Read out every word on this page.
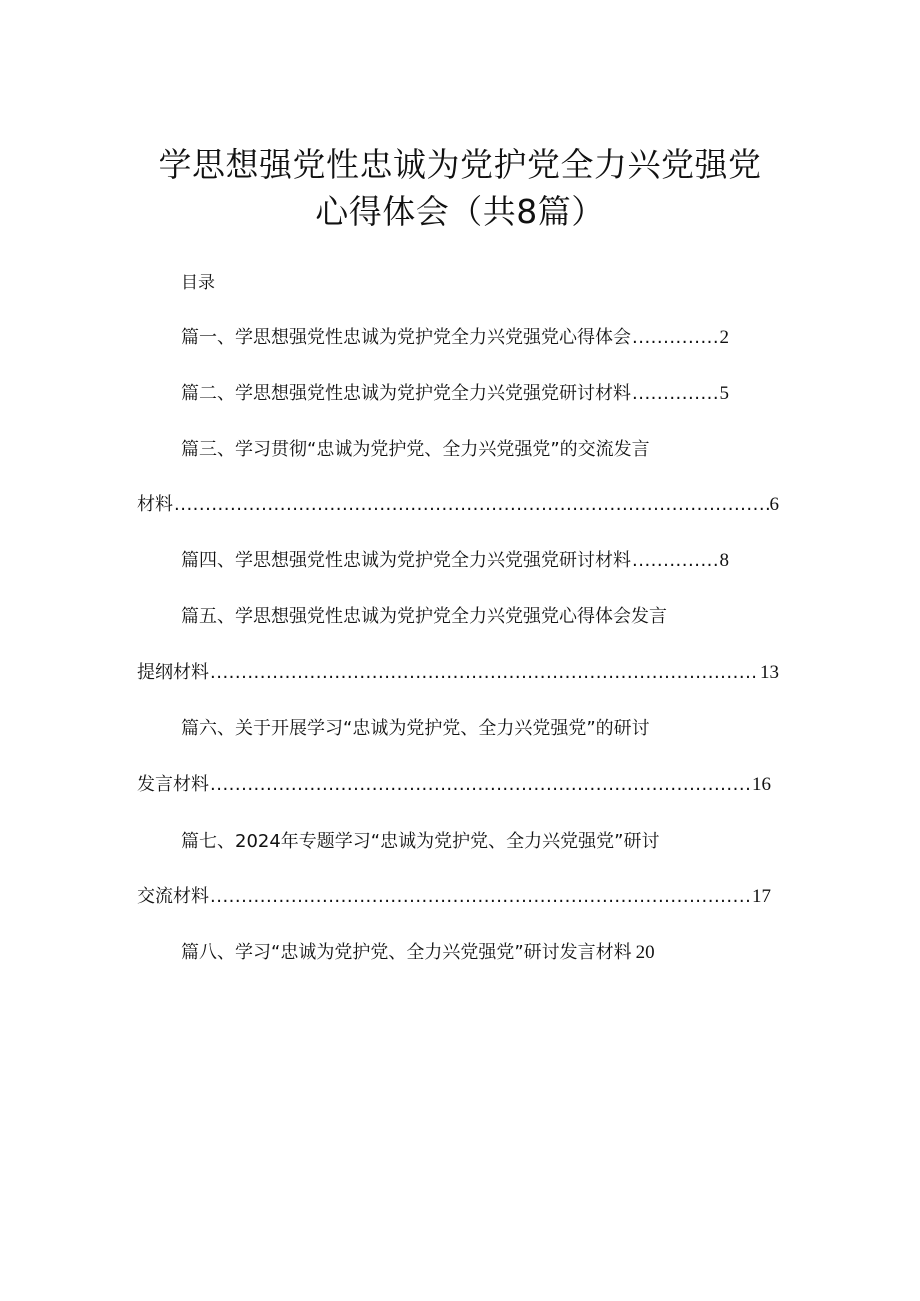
学思想强党性忠诚为党护党全力兴党强党
心得体会（共8篇）
目录
篇一、学思想强党性忠诚为党护党全力兴党强党心得体会 .....	2
篇二、学思想强党性忠诚为党护党全力兴党强党研讨材料 .....	5
篇三、学习贯彻“忠诚为党护党、全力兴党强党”的交流发言
材料 .....	6
篇四、学思想强党性忠诚为党护党全力兴党强党研讨材料 .....	8
篇五、学思想强党性忠诚为党护党全力兴党强党心得体会发言
提纲材料 .....	13
篇六、关于开展学习“忠诚为党护党、全力兴党强党”的研讨
发言材料 .....	16
篇七、2024年专题学习“忠诚为党护党、全力兴党强党”研讨
交流材料 .....	17
篇八、学习“忠诚为党护党、全力兴党强党”研讨发言材料 20
